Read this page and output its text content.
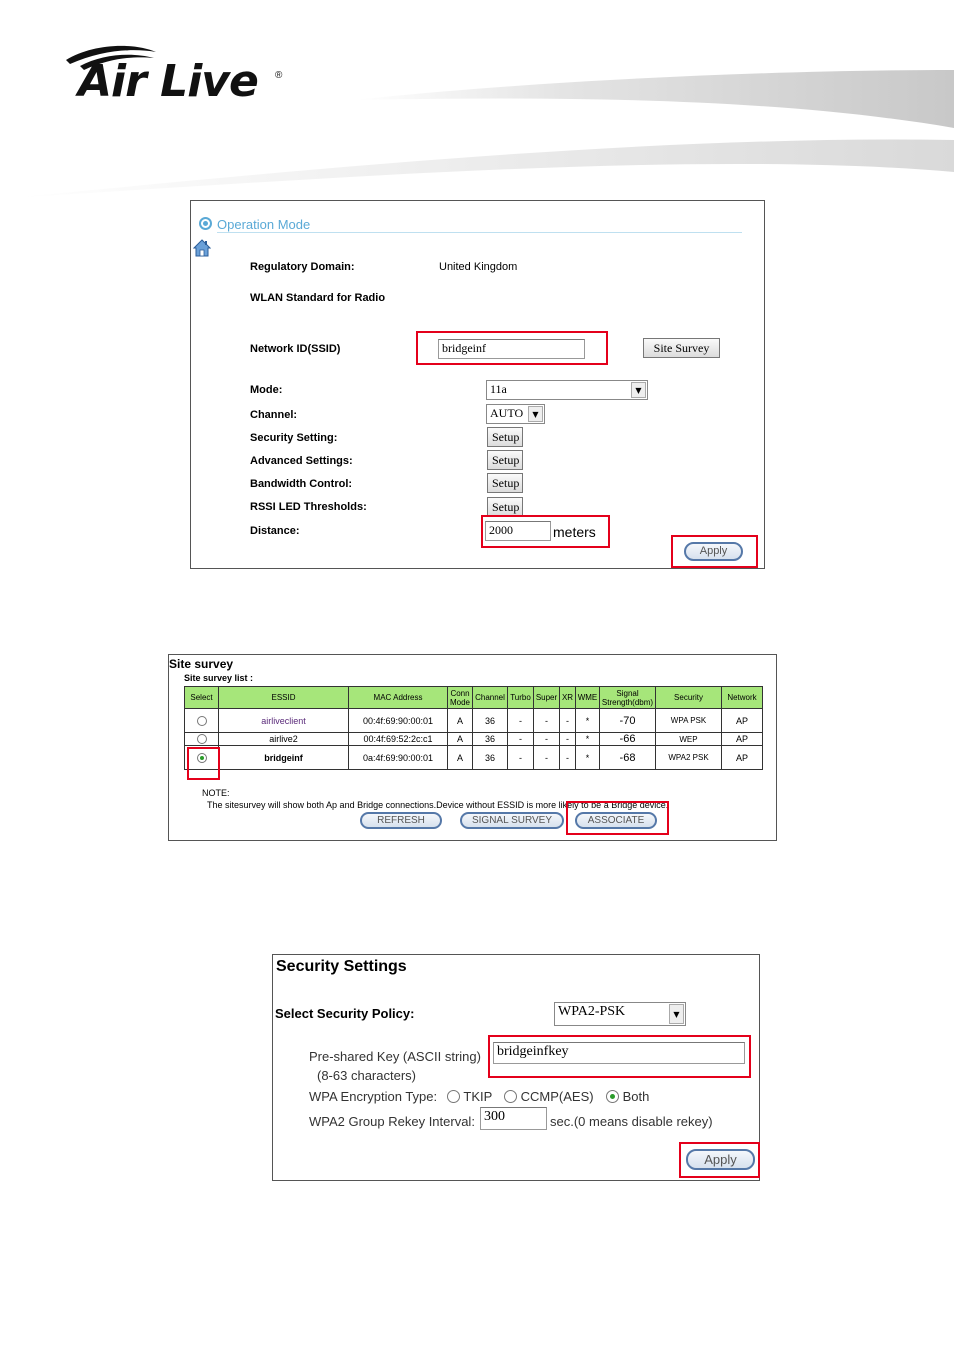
Air Live ®
Operation Mode
Regulatory Domain:	United Kingdom
WLAN Standard for Radio
Network ID(SSID)	bridgeinf	Site Survey
Mode:	11a	▼
Channel:	AUTO	▼
Security Setting:	Setup
Advanced Settings:	Setup
Bandwidth Control:	Setup
RSSI LED Thresholds:	Setup
Distance:	2000	meters
Apply
Site survey
Site survey list :
Select	ESSID	MAC Address	Conn Mode	Channel	Turbo	Super	XR	WME	Signal Strength(dbm)	Security	Network
	airliveclient	00:4f:69:90:00:01	A	36	-	-	-	*	-70	WPA PSK	AP
	airlive2	00:4f:69:52:2c:c1	A	36	-	-	-	*	-66	WEP	AP
	bridgeinf	0a:4f:69:90:00:01	A	36	-	-	-	*	-68	WPA2 PSK	AP
NOTE:
The sitesurvey will show both Ap and Bridge connections.Device without ESSID is more likely to be a Bridge device.
REFRESH	SIGNAL SURVEY	ASSOCIATE
Security Settings
Select Security Policy:	WPA2-PSK	▼
Pre-shared Key (ASCII string)
(8-63 characters)
bridgeinfkey
WPA Encryption Type:	TKIP	CCMP(AES)	Both
WPA2 Group Rekey Interval: 300	sec.(0 means disable rekey)
Apply
